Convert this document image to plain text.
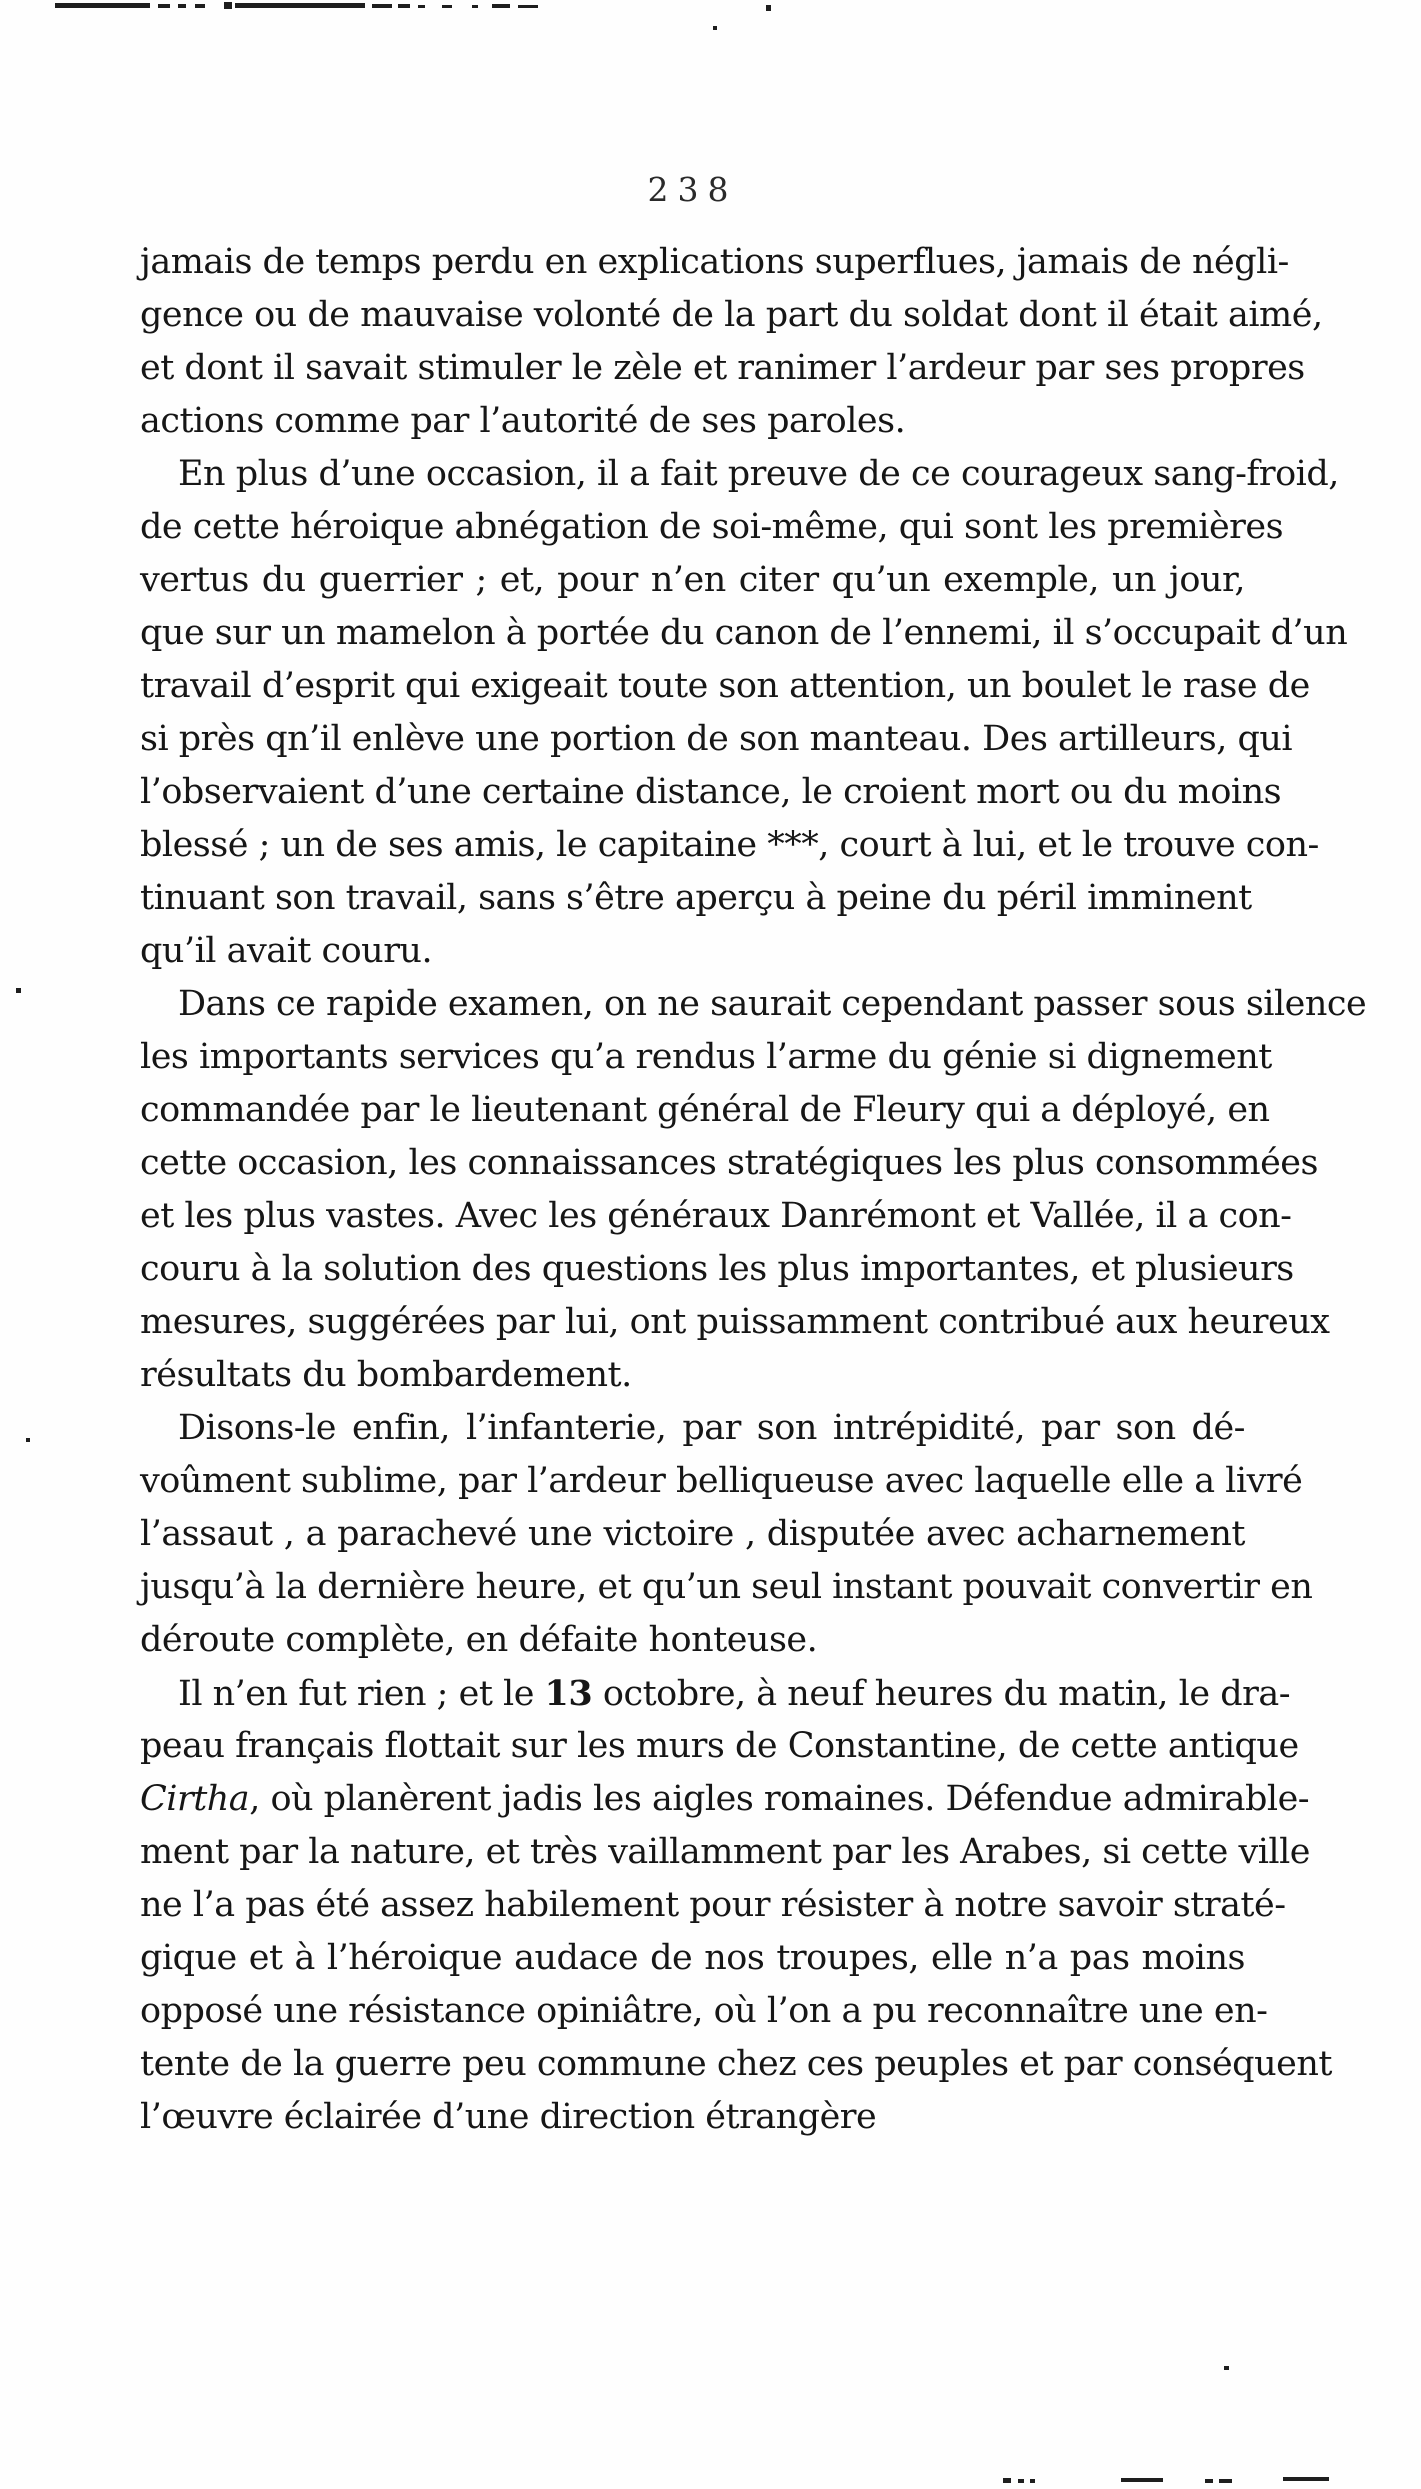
238
jamais de temps perdu en explications superflues, jamais de négli-
gence ou de mauvaise volonté de la part du soldat dont il était aimé,
et dont il savait stimuler le zèle et ranimer l’ardeur par ses propres
actions comme par l’autorité de ses paroles.
En plus d’une occasion, il a fait preuve de ce courageux sang-froid,
de cette héroique abnégation de soi-même, qui sont les premières
vertus du guerrier ; et, pour n’en citer qu’un exemple, un jour,
que sur un mamelon à portée du canon de l’ennemi, il s’occupait d’un
travail d’esprit qui exigeait toute son attention, un boulet le rase de
si près qn’il enlève une portion de son manteau. Des artilleurs, qui
l’observaient d’une certaine distance, le croient mort ou du moins
blessé ; un de ses amis, le capitaine ***, court à lui, et le trouve con-
tinuant son travail, sans s’être aperçu à peine du péril imminent
qu’il avait couru.
Dans ce rapide examen, on ne saurait cependant passer sous silence
les importants services qu’a rendus l’arme du génie si dignement
commandée par le lieutenant général de Fleury qui a déployé, en
cette occasion, les connaissances stratégiques les plus consommées
et les plus vastes. Avec les généraux Danrémont et Vallée, il a con-
couru à la solution des questions les plus importantes, et plusieurs
mesures, suggérées par lui, ont puissamment contribué aux heureux
résultats du bombardement.
Disons-le enfin, l’infanterie, par son intrépidité, par son dé-
voûment sublime, par l’ardeur belliqueuse avec laquelle elle a livré
l’assaut , a parachevé une victoire , disputée avec acharnement
jusqu’à la dernière heure, et qu’un seul instant pouvait convertir en
déroute complète, en défaite honteuse.
Il n’en fut rien ; et le 13 octobre, à neuf heures du matin, le dra-
peau français flottait sur les murs de Constantine, de cette antique
Cirtha, où planèrent jadis les aigles romaines. Défendue admirable-
ment par la nature, et très vaillamment par les Arabes, si cette ville
ne l’a pas été assez habilement pour résister à notre savoir straté-
gique et à l’héroique audace de nos troupes, elle n’a pas moins
opposé une résistance opiniâtre, où l’on a pu reconnaître une en-
tente de la guerre peu commune chez ces peuples et par conséquent
l’œuvre éclairée d’une direction étrangère
